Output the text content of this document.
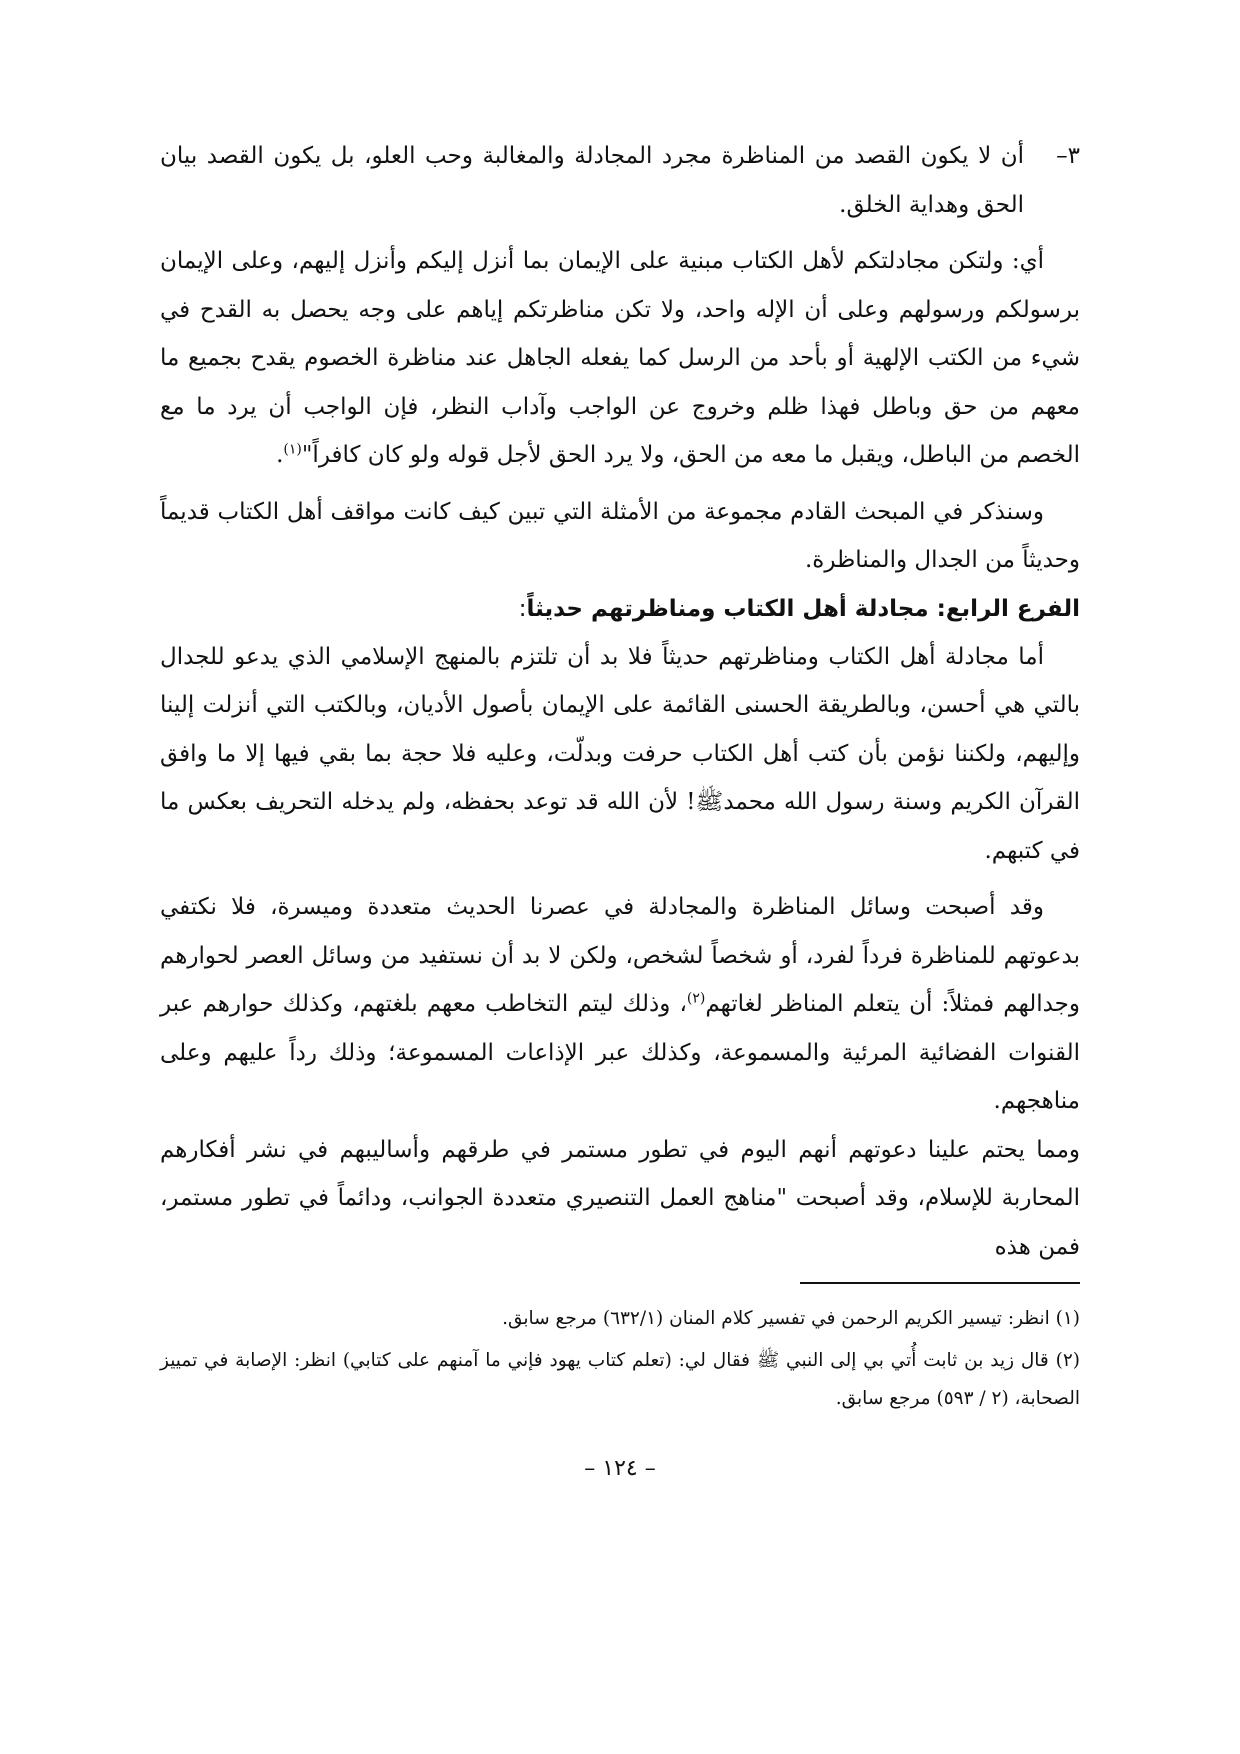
٣–
أن لا يكون القصد من المناظرة مجرد المجادلة والمغالبة وحب العلو، بل يكون القصد بيان الحق وهداية الخلق.

أي: ولتكن مجادلتكم لأهل الكتاب مبنية على الإيمان بما أنزل إليكم وأنزل إليهم، وعلى الإيمان برسولكم ورسولهم وعلى أن الإله واحد، ولا تكن مناظرتكم إياهم على وجه يحصل به القدح في شيء من الكتب الإلهية أو بأحد من الرسل كما يفعله الجاهل عند مناظرة الخصوم يقدح بجميع ما معهم من حق وباطل فهذا ظلم وخروج عن الواجب وآداب النظر، فإن الواجب أن يرد ما مع الخصم من الباطل، ويقبل ما معه من الحق، ولا يرد الحق لأجل قوله ولو كان كافراً"$^{(١)}$.

وسنذكر في المبحث القادم مجموعة من الأمثلة التي تبين كيف كانت مواقف أهل الكتاب قديماً وحديثاً من الجدال والمناظرة.

الفرع الرابع: مجادلة أهل الكتاب ومناظرتهم حديثاً:

أما مجادلة أهل الكتاب ومناظرتهم حديثاً فلا بد أن تلتزم بالمنهج الإسلامي الذي يدعو للجدال بالتي هي أحسن، وبالطريقة الحسنى القائمة على الإيمان بأصول الأديان، وبالكتب التي أنزلت إلينا وإليهم، ولكننا نؤمن بأن كتب أهل الكتاب حرفت وبدلّت، وعليه فلا حجة بما بقي فيها إلا ما وافق القرآن الكريم وسنة رسول الله محمدﷺ! لأن الله قد توعد بحفظه، ولم يدخله التحريف بعكس ما في كتبهم.

وقد أصبحت وسائل المناظرة والمجادلة في عصرنا الحديث متعددة وميسرة، فلا نكتفي بدعوتهم للمناظرة فرداً لفرد، أو شخصاً لشخص، ولكن لا بد أن نستفيد من وسائل العصر لحوارهم وجدالهم فمثلاً: أن يتعلم المناظر لغاتهم$^{(٢)}$، وذلك ليتم التخاطب معهم بلغتهم، وكذلك حوارهم عبر القنوات الفضائية المرئية والمسموعة، وكذلك عبر الإذاعات المسموعة؛ وذلك رداً عليهم وعلى مناهجهم.

ومما يحتم علينا دعوتهم أنهم اليوم في تطور مستمر في طرقهم وأساليبهم في نشر أفكارهم المحاربة للإسلام، وقد أصبحت "مناهج العمل التنصيري متعددة الجوانب، ودائماً في تطور مستمر، فمن هذه

(١) انظر: تيسير الكريم الرحمن في تفسير كلام المنان (٦٣٢/١) مرجع سابق.

(٢) قال زيد بن ثابت أُتي بي إلى النبي ﷺ فقال لي: (تعلم كتاب يهود فإني ما آمنهم على كتابي) انظر: الإصابة في تمييز الصحابة، (٢ / ٥٩٣) مرجع سابق.

– ١٢٤ –
